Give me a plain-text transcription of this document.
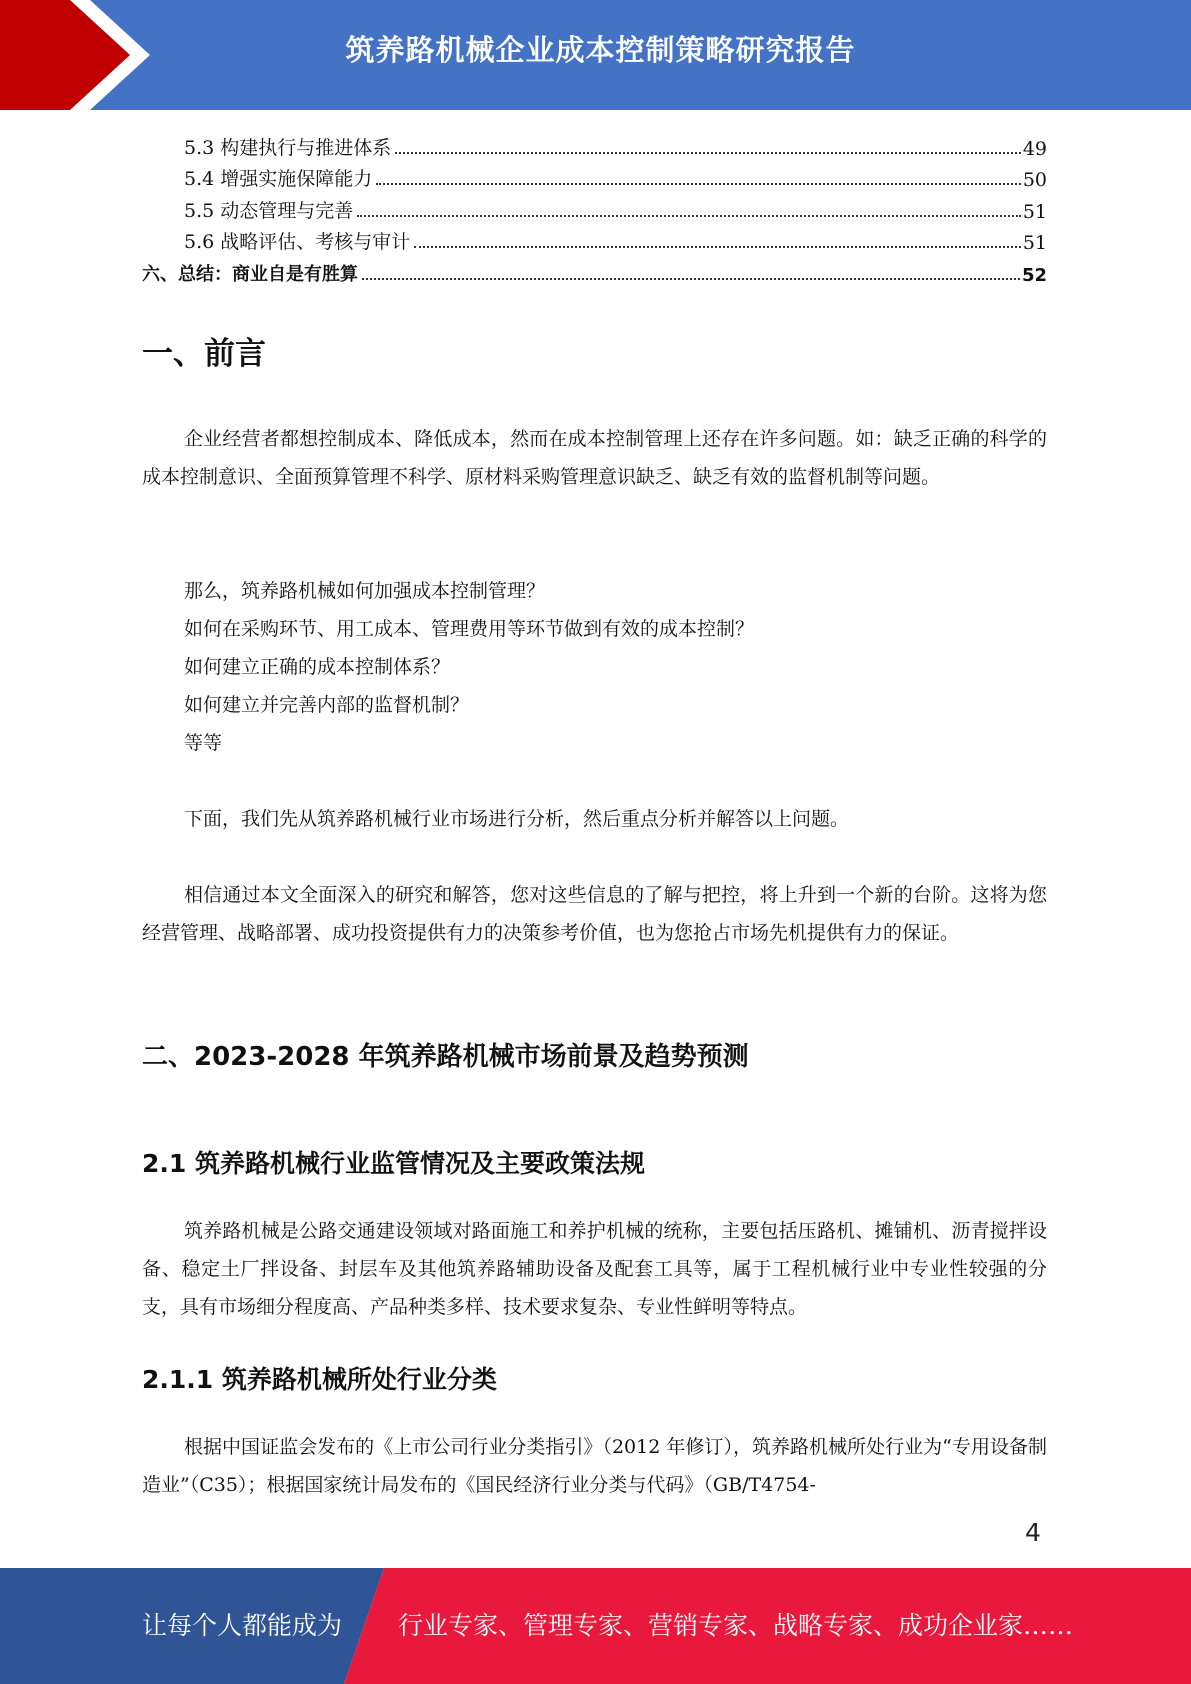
筑养路机械企业成本控制策略研究报告
5.3 构建执行与推进体系	49
5.4 增强实施保障能力	50
5.5 动态管理与完善	51
5.6 战略评估、考核与审计	51
六、总结：商业自是有胜算	52
一、前言

企业经营者都想控制成本、降低成本，然而在成本控制管理上还存在许多问题。如：缺乏正确的科学的成本控制意识、全面预算管理不科学、原材料采购管理意识缺乏、缺乏有效的监督机制等问题。

那么，筑养路机械如何加强成本控制管理？

如何在采购环节、用工成本、管理费用等环节做到有效的成本控制？

如何建立正确的成本控制体系？

如何建立并完善内部的监督机制？

等等

下面，我们先从筑养路机械行业市场进行分析，然后重点分析并解答以上问题。

相信通过本文全面深入的研究和解答，您对这些信息的了解与把控，将上升到一个新的台阶。这将为您经营管理、战略部署、成功投资提供有力的决策参考价值，也为您抢占市场先机提供有力的保证。

二、2023-2028 年筑养路机械市场前景及趋势预测
2.1 筑养路机械行业监管情况及主要政策法规

筑养路机械是公路交通建设领域对路面施工和养护机械的统称，主要包括压路机、摊铺机、沥青搅拌设备、稳定土厂拌设备、封层车及其他筑养路辅助设备及配套工具等，属于工程机械行业中专业性较强的分支，具有市场细分程度高、产品种类多样、技术要求复杂、专业性鲜明等特点。

2.1.1 筑养路机械所处行业分类

根据中国证监会发布的《上市公司行业分类指引》（2012 年修订），筑养路机械所处行业为“专用设备制造业”（C35）；根据国家统计局发布的《国民经济行业分类与代码》（GB/T4754-

4
让每个人都能成为 行业专家、管理专家、营销专家、战略专家、成功企业家……
